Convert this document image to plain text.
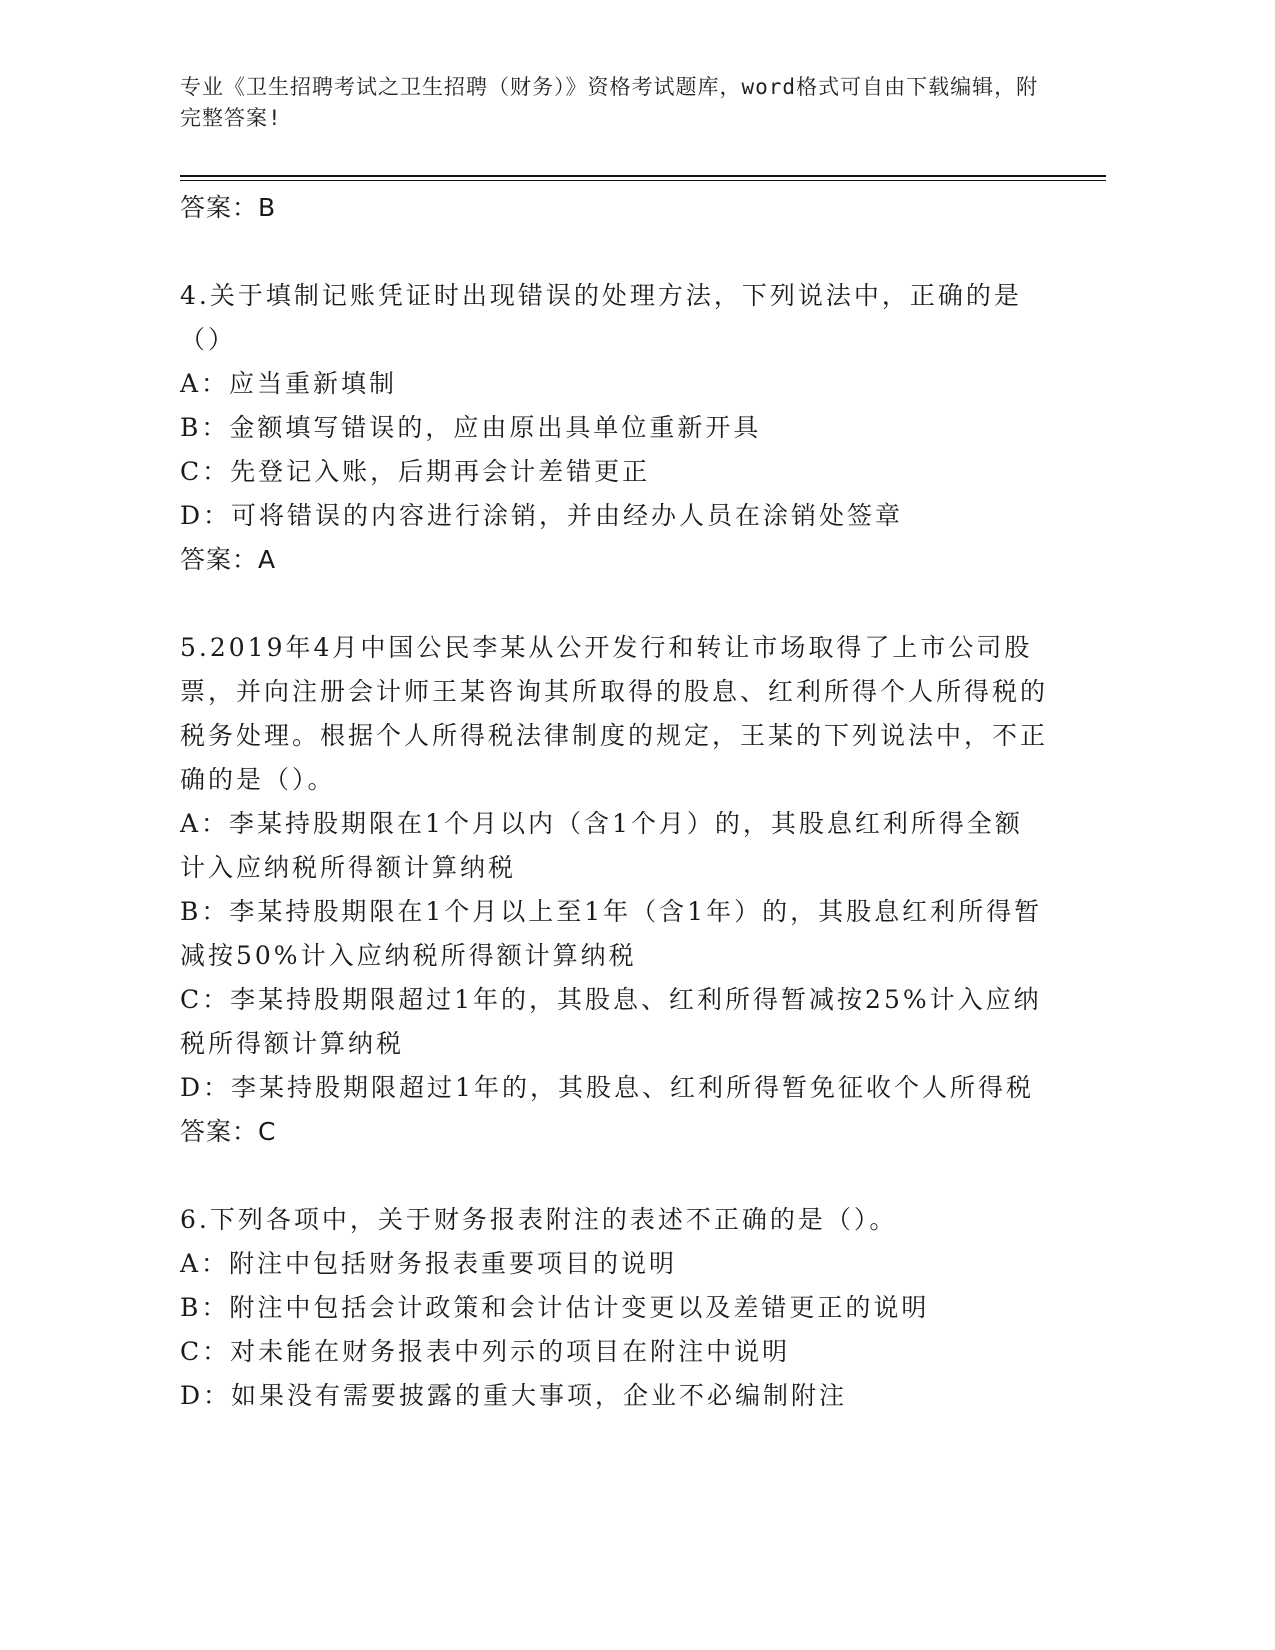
专业《卫生招聘考试之卫生招聘（财务）》资格考试题库，word格式可自由下载编辑，附完整答案!
答案：B

4.关于填制记账凭证时出现错误的处理方法，下列说法中，正确的是（）

A：应当重新填制

B：金额填写错误的，应由原出具单位重新开具

C：先登记入账，后期再会计差错更正

D：可将错误的内容进行涂销，并由经办人员在涂销处签章

答案：A

5.2019年4月中国公民李某从公开发行和转让市场取得了上市公司股票，并向注册会计师王某咨询其所取得的股息、红利所得个人所得税的税务处理。根据个人所得税法律制度的规定，王某的下列说法中，不正确的是（）。

A：李某持股期限在1个月以内（含1个月）的，其股息红利所得全额计入应纳税所得额计算纳税

B：李某持股期限在1个月以上至1年（含1年）的，其股息红利所得暂减按50%计入应纳税所得额计算纳税

C：李某持股期限超过1年的，其股息、红利所得暂减按25%计入应纳税所得额计算纳税

D：李某持股期限超过1年的，其股息、红利所得暂免征收个人所得税

答案：C

6.下列各项中，关于财务报表附注的表述不正确的是（）。

A：附注中包括财务报表重要项目的说明

B：附注中包括会计政策和会计估计变更以及差错更正的说明

C：对未能在财务报表中列示的项目在附注中说明

D：如果没有需要披露的重大事项，企业不必编制附注
